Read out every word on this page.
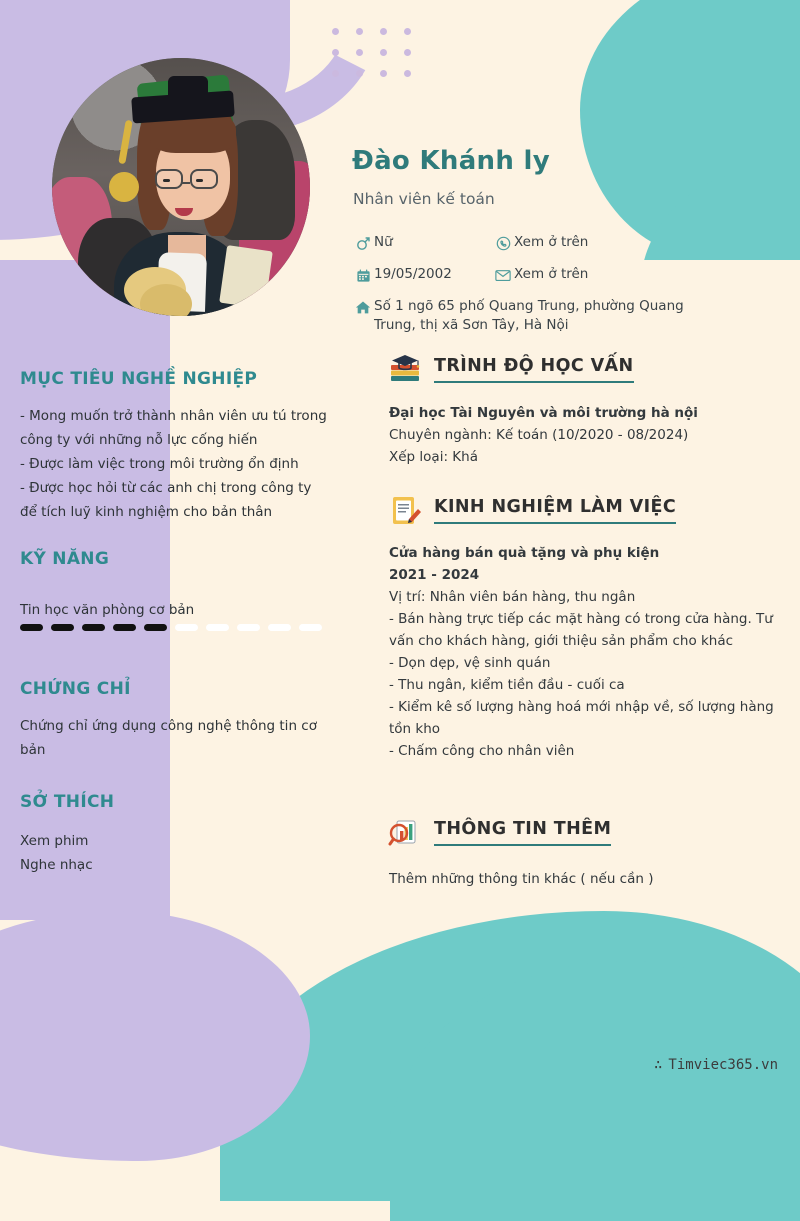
Đào Khánh ly
Nhân viên kế toán
Nữ	Xem ở trên
19/05/2002	Xem ở trên
Số 1 ngõ 65 phố Quang Trung, phường Quang Trung, thị xã Sơn Tây, Hà Nội
TRÌNH ĐỘ HỌC VẤN
Đại học Tài Nguyên và môi trường hà nội
Chuyên ngành: Kế toán (10/2020 - 08/2024)
Xếp loại: Khá
KINH NGHIỆM LÀM VIỆC
Cửa hàng bán quà tặng và phụ kiện
2021 - 2024
Vị trí: Nhân viên bán hàng, thu ngân
- Bán hàng trực tiếp các mặt hàng có trong cửa hàng. Tư vấn cho khách hàng, giới thiệu sản phẩm cho khác
- Dọn dẹp, vệ sinh quán
- Thu ngân, kiểm tiền đầu - cuối ca
- Kiểm kê số lượng hàng hoá mới nhập về, số lượng hàng tồn kho
- Chấm công cho nhân viên
THÔNG TIN THÊM
Thêm những thông tin khác ( nếu cần )
MỤC TIÊU NGHỀ NGHIỆP
- Mong muốn trở thành nhân viên ưu tú trong công ty với những nỗ lực cống hiến
- Được làm việc trong môi trường ổn định
- Được học hỏi từ các anh chị trong công ty để tích luỹ kinh nghiệm cho bản thân
KỸ NĂNG
Tin học văn phòng cơ bản
CHỨNG CHỈ
Chứng chỉ ứng dụng công nghệ thông tin cơ bản
SỞ THÍCH
Xem phim
Nghe nhạc
∴ Timviec365.vn
